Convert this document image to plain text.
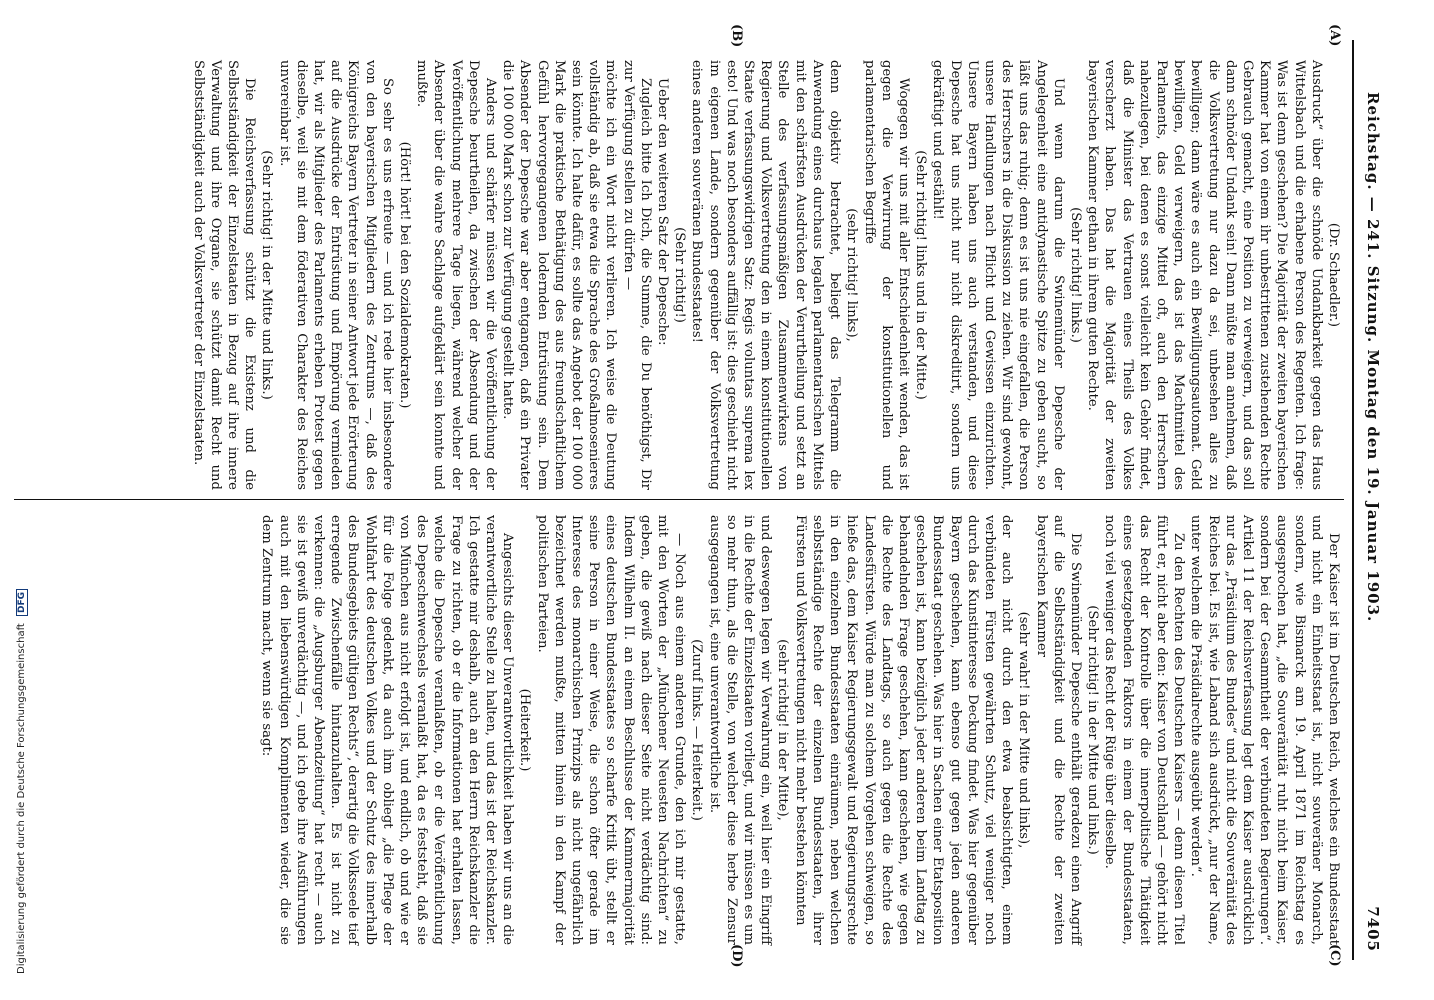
Reichstag. — 241. Sitzung. Montag den 19. Januar 1903.
7405
(A)
(B)
(C)
(D)

(Dr. Schaedler.)

Ausdruck“ über die schnöde Undankbarkeit gegen das Haus Wittelsbach und die erhabene Person des Regenten. Ich frage: Was ist denn geschehen? Die Majorität der zweiten bayerischen Kammer hat von einem ihr unbestrittenen zustehenden Rechte Gebrauch gemacht, eine Position zu verweigern, und das soll dann schnöder Undank sein! Dann müßte man annehmen, daß die Volksvertretung nur dazu da sei, unbesehen alles zu bewilligen; dann wäre es auch ein Bewilligungsautomat. Geld bewilligen, Geld verweigern, das ist das Machtmittel des Parlaments, das einzige Mittel oft, auch den Herrschern nahezulegen, bei denen es sonst vielleicht kein Gehör findet, daß die Minister das Vertrauen eines Theils des Volkes verscherzt haben. Das hat die Majorität der zweiten bayerischen Kammer gethan in ihrem guten Rechte.

(Sehr richtig! links.)

Und wenn darum die Swinemünder Depesche der Angelegenheit eine antidynastische Spitze zu geben sucht, so läßt uns das ruhig; denn es ist uns nie eingefallen, die Person des Herrschers in die Diskussion zu ziehen. Wir sind gewohnt, unsere Handlungen nach Pflicht und Gewissen einzurichten. Unsere Bayern haben uns auch verstanden, und diese Depesche hat uns nicht nur nicht diskreditirt, sondern uns gekräftigt und gestählt!

(Sehr richtig! links und in der Mitte.)

Wogegen wir uns mit aller Entschiedenheit wenden, das ist gegen die Verwirrung der konstitutionellen und parlamentarischen Begriffe

(sehr richtig! links),

denn objektiv betrachtet, beliegt das Telegramm die Anwendung eines durchaus legalen parlamentarischen Mittels mit den schärfsten Ausdrücken der Verurtheilung und setzt an Stelle des verfassungsmäßigen Zusammenwirkens von Regierung und Volksvertretung den in einem konstitutionellen Staate verfassungswidrigen Satz: Regis voluntas suprema lex esto! Und was noch besonders auffällig ist: dies geschieht nicht im eigenen Lande, sondern gegenüber der Volksvertretung eines anderen souveränen Bundesstaates!

(Sehr richtig!)

Ueber den weiteren Satz der Depesche:

Zugleich bitte Ich Dich, die Summe, die Du benöthigst, Dir zur Verfügung stellen zu dürfen —

möchte ich ein Wort nicht verlieren. Ich weise die Deutung vollständig ab, daß sie etwa die Sprache des Großalmosenieres sein könnte. Ich halte dafür, es sollte das Angebot der 100 000 Mark die praktische Bethätigung des aus freundschaftlichem Gefühl hervorgegangenen lodernden Entrüstung sein. Dem Absender der Depesche war aber entgangen, daß ein Privater die 100 000 Mark schon zur Verfügung gestellt hatte.

Anders und schärfer müssen wir die Veröffentlichung der Depesche beurtheilen, da zwischen der Absendung und der Veröffentlichung mehrere Tage liegen, während welcher der Absender über die wahre Sachlage aufgeklärt sein konnte und mußte.

(Hört! hört! bei den Sozialdemokraten.)

So sehr es uns erfreute — und ich rede hier insbesondere von den bayerischen Mitgliedern des Zentrums —, daß des Königreichs Bayern Vertreter in seiner Antwort jede Erörterung auf die Ausdrücke der Entrüstung und Empörung vermieden hat, wir als Mitglieder des Parlaments erheben Protest gegen dieselbe, weil sie mit dem föderativen Charakter des Reiches unvereinbar ist.

(Sehr richtig! in der Mitte und links.)

Die Reichsverfassung schützt die Existenz und die Selbstständigkeit der Einzelstaaten in Bezug auf ihre innere Verwaltung und ihre Organe, sie schützt damit Recht und Selbstständigkeit auch der Volksvertreter der Einzelstaaten.

Der Kaiser ist im Deutschen Reich, welches ein Bundesstaat und nicht ein Einheitsstaat ist, nicht souveräner Monarch, sondern, wie Bismarck am 19. April 1871 im Reichstag es ausgesprochen hat, „die Souveränität ruht nicht beim Kaiser, sondern bei der Gesammtheit der verbündeten Regierungen“. Artikel 11 der Reichsverfassung legt dem Kaiser ausdrücklich nur das „Präsidium des Bundes“ und nicht die Souveränität des Reiches bei. Es ist, wie Laband sich ausdrückt, „nur der Name, unter welchem die Präsidialrechte ausgeübt werden“.

Zu den Rechten des Deutschen Kaisers — denn diesen Titel führt er, nicht aber den: Kaiser von Deutschland — gehört nicht das Recht der Kontrolle über die innerpolitische Thätigkeit eines gesetzgebenden Faktors in einem der Bundesstaaten, noch viel weniger das Recht der Rüge über dieselbe.

(Sehr richtig! in der Mitte und links.)

Die Swinemünder Depesche enthält geradezu einen Angriff auf die Selbstständigkeit und die Rechte der zweiten bayerischen Kammer

(sehr wahr! in der Mitte und links),

der auch nicht durch den etwa beabsichtigten, einem verbündeten Fürsten gewährten Schutz, viel weniger noch durch das Kunstinteresse Deckung findet. Was hier gegenüber Bayern geschehen, kann ebenso gut gegen jeden anderen Bundesstaat geschehen. Was hier in Sachen einer Etatsposition geschehen ist, kann bezüglich jeder anderen beim Landtag zu behandelnden Frage geschehen, kann geschehen, wie gegen die Rechte des Landtags, so auch gegen die Rechte des Landesfürsten. Würde man zu solchem Vorgehen schweigen, so hieße das, dem Kaiser Regierungsgewalt und Regierungsrechte in den einzelnen Bundesstaaten einräumen, neben welchen selbstständige Rechte der einzelnen Bundesstaaten, ihrer Fürsten und Volksvertretungen nicht mehr bestehen könnten

(sehr richtig! in der Mitte),

und deswegen legen wir Verwahrung ein, weil hier ein Eingriff in die Rechte der Einzelstaaten vorliegt, und wir müssen es um so mehr thun, als die Stelle, von welcher diese herbe Zensur ausgegangen ist, eine unverantwortliche ist.

(Zuruf links. — Heiterkeit.)

— Noch aus einem anderen Grunde, den ich mir gestatte, mit den Worten der „Münchener Neuesten Nachrichten“ zu geben, die gewiß nach dieser Seite nicht verdächtig sind: Indem Wilhelm II. an einem Beschlusse der Kammermajorität eines deutschen Bundesstaates so scharfe Kritik übt, stellt er seine Person in einer Weise, die schon öfter gerade im Interesse des monarchischen Prinzips als nicht ungefährlich bezeichnet werden mußte, mitten hinein in den Kampf der politischen Parteien.

(Heiterkeit.)

Angesichts dieser Unverantwortlichkeit haben wir uns an die verantwortliche Stelle zu halten, und das ist der Reichskanzler. Ich gestatte mir deshalb, auch an den Herrn Reichskanzler die Frage zu richten, ob er die Informationen hat erhalten lassen, welche die Depesche veranlaßten, ob er die Veröffentlichung des Depeschenwechsels veranlaßt hat, da es feststeht, daß sie von München aus nicht erfolgt ist, und endlich, ob und wie er für die Folge gedenkt, da auch ihm obliegt „die Pflege der Wohlfahrt des deutschen Volkes und der Schutz des innerhalb des Bundesgebiets gültigen Rechts“, derartig die Volksseele tief erregende Zwischenfälle hintanzuhalten. Es ist nicht zu verkennen: die „Augsburger Abendzeitung“ hat recht — auch sie ist gewiß unverdächtig —, und ich gebe ihre Ausführungen auch mit den liebenswürdigen Komplimenten wieder, die sie dem Zentrum macht, wenn sie sagt:

Digitalisierung gefördert durch die Deutsche Forschungsgemeinschaft DFG
